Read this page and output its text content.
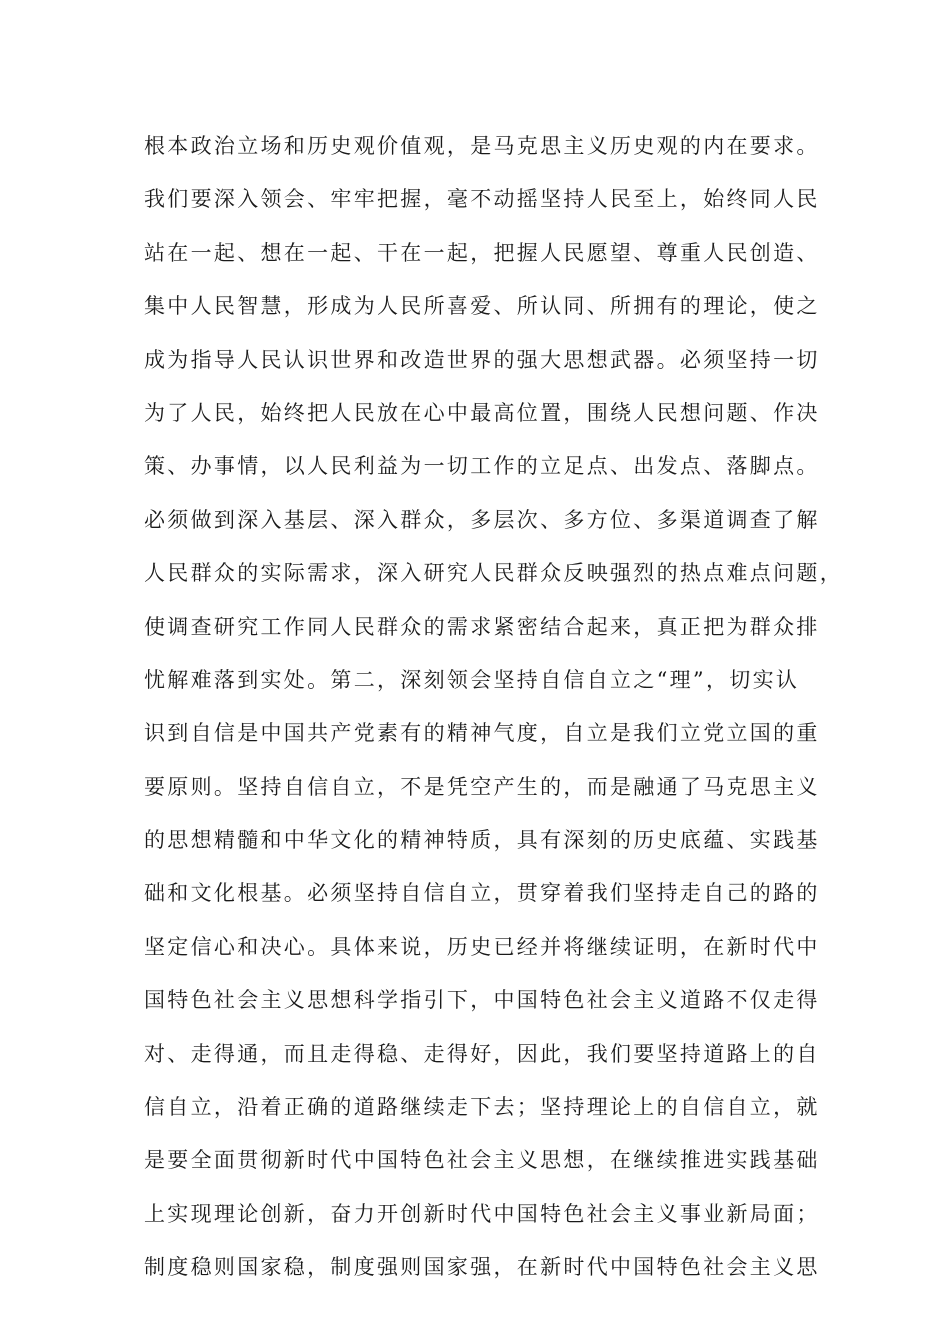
根本政治立场和历史观价值观，是马克思主义历史观的内在要求。
我们要深入领会、牢牢把握，毫不动摇坚持人民至上，始终同人民
站在一起、想在一起、干在一起，把握人民愿望、尊重人民创造、
集中人民智慧，形成为人民所喜爱、所认同、所拥有的理论，使之
成为指导人民认识世界和改造世界的强大思想武器。必须坚持一切
为了人民，始终把人民放在心中最高位置，围绕人民想问题、作决
策、办事情，以人民利益为一切工作的立足点、出发点、落脚点。
必须做到深入基层、深入群众，多层次、多方位、多渠道调查了解
人民群众的实际需求，深入研究人民群众反映强烈的热点难点问题，
使调查研究工作同人民群众的需求紧密结合起来，真正把为群众排
忧解难落到实处。第二，深刻领会坚持自信自立之“理”，切实认
识到自信是中国共产党素有的精神气度，自立是我们立党立国的重
要原则。坚持自信自立，不是凭空产生的，而是融通了马克思主义
的思想精髓和中华文化的精神特质，具有深刻的历史底蕴、实践基
础和文化根基。必须坚持自信自立，贯穿着我们坚持走自己的路的
坚定信心和决心。具体来说，历史已经并将继续证明，在新时代中
国特色社会主义思想科学指引下，中国特色社会主义道路不仅走得
对、走得通，而且走得稳、走得好，因此，我们要坚持道路上的自
信自立，沿着正确的道路继续走下去；坚持理论上的自信自立，就
是要全面贯彻新时代中国特色社会主义思想，在继续推进实践基础
上实现理论创新，奋力开创新时代中国特色社会主义事业新局面；
制度稳则国家稳，制度强则国家强，在新时代中国特色社会主义思
